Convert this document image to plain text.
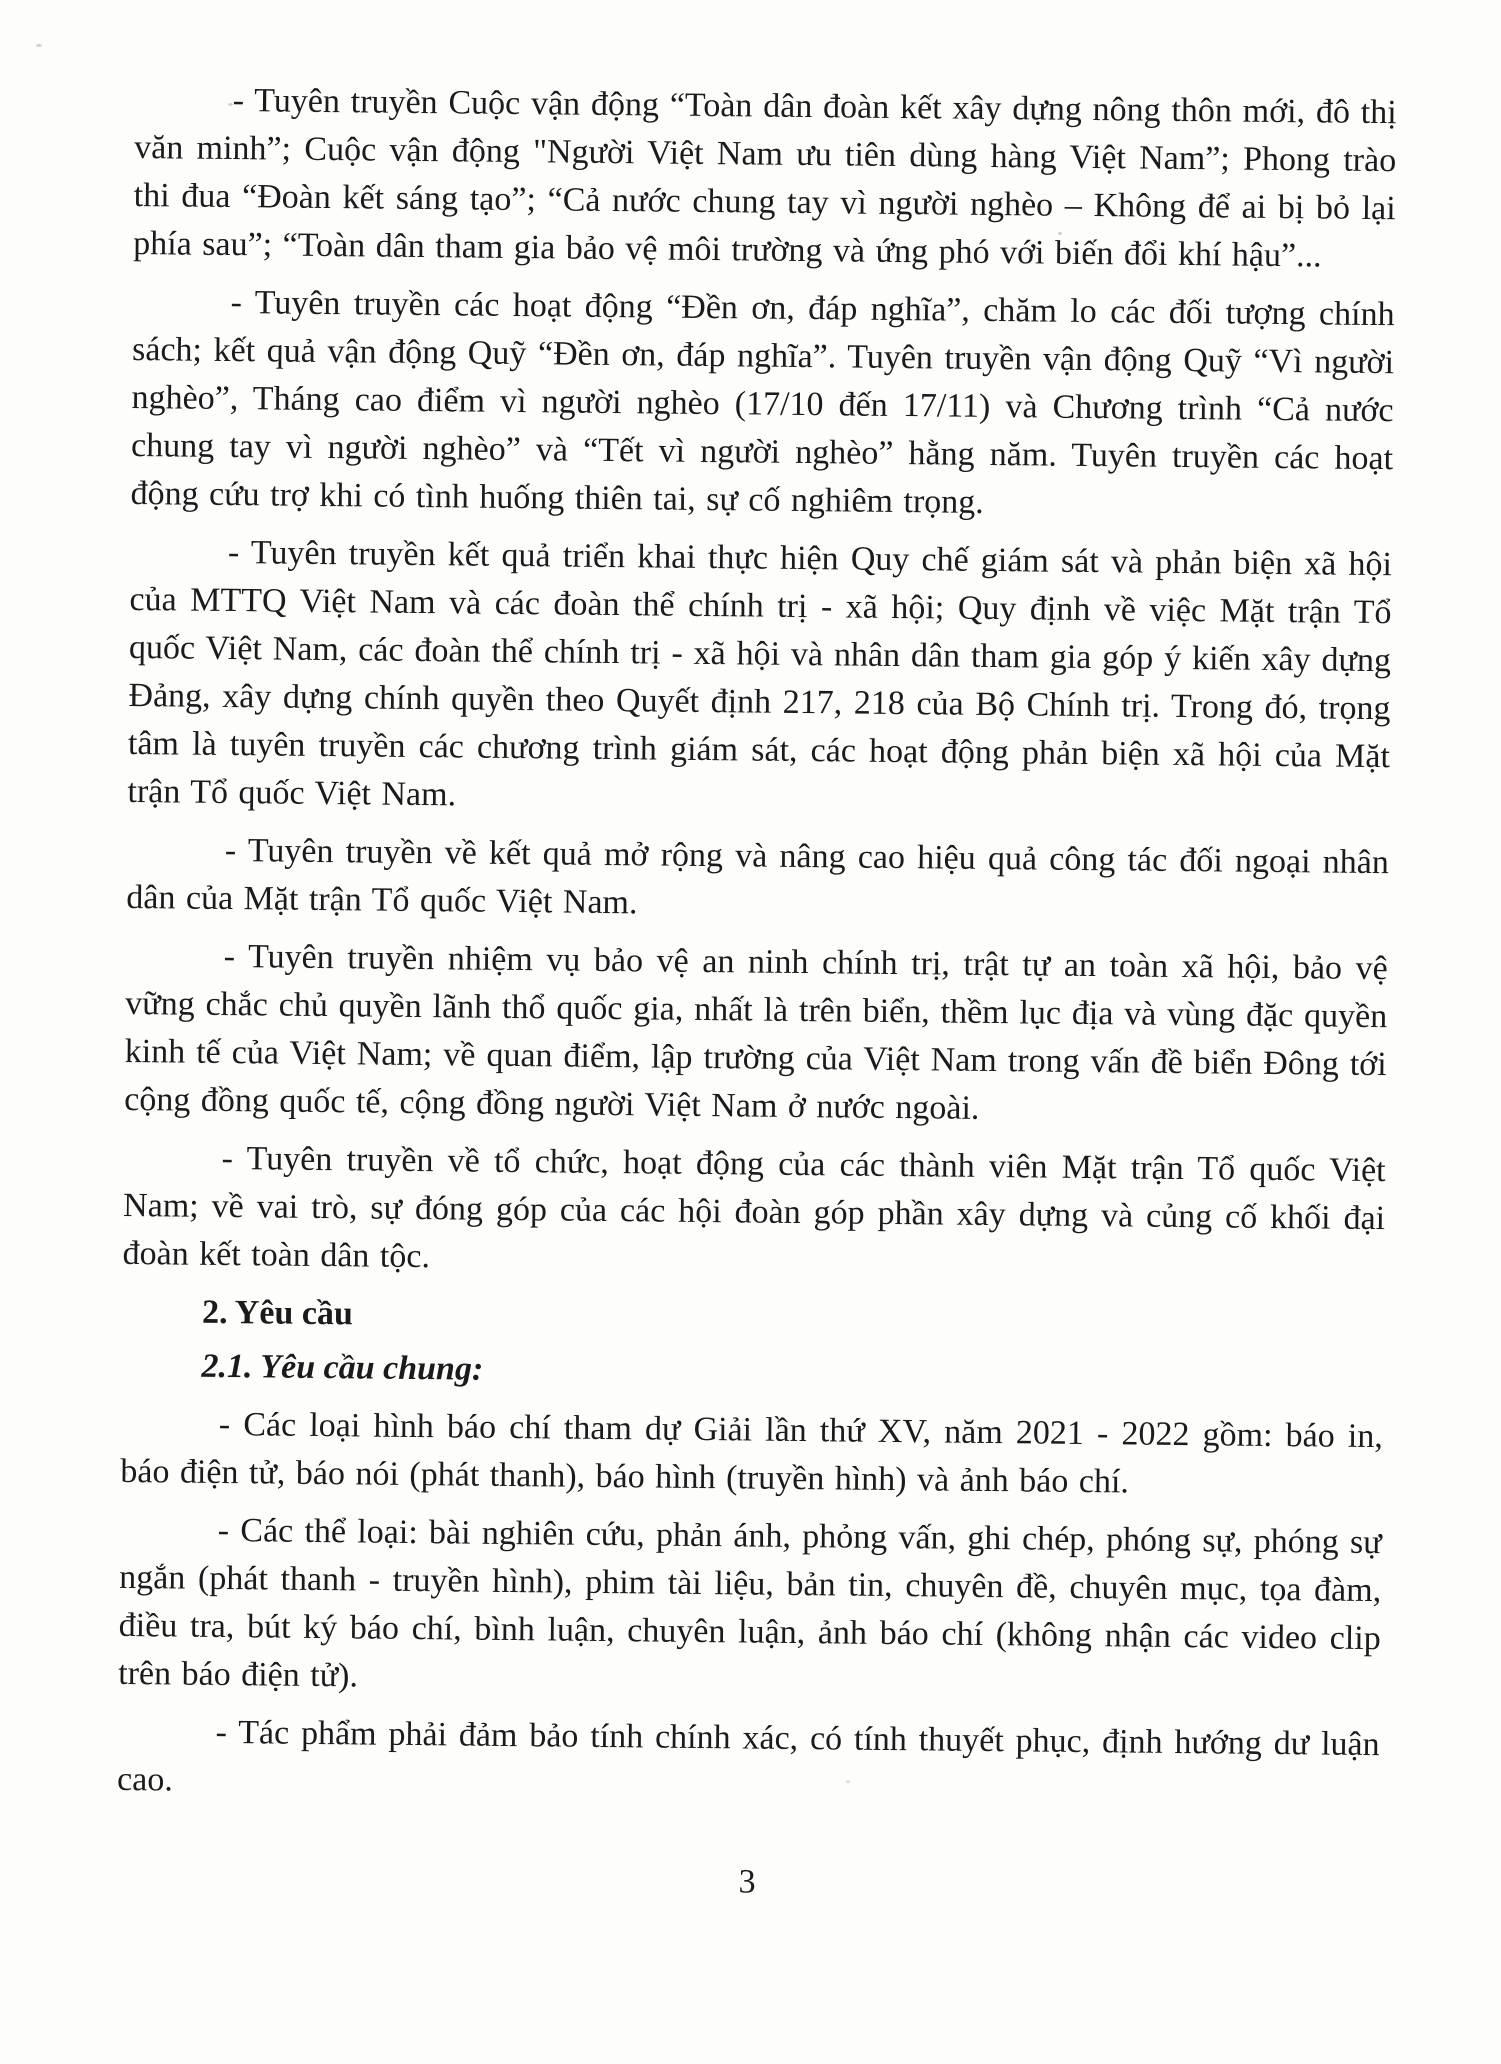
- Tuyên truyền Cuộc vận động “Toàn dân đoàn kết xây dựng nông thôn mới, đô thị văn minh”; Cuộc vận động "Người Việt Nam ưu tiên dùng hàng Việt Nam”; Phong trào thi đua “Đoàn kết sáng tạo”; “Cả nước chung tay vì người nghèo – Không để ai bị bỏ lại phía sau”; “Toàn dân tham gia bảo vệ môi trường và ứng phó với biến đổi khí hậu”...
- Tuyên truyền các hoạt động “Đền ơn, đáp nghĩa”, chăm lo các đối tượng chính sách; kết quả vận động Quỹ “Đền ơn, đáp nghĩa”. Tuyên truyền vận động Quỹ “Vì người nghèo”, Tháng cao điểm vì người nghèo (17/10 đến 17/11) và Chương trình “Cả nước chung tay vì người nghèo” và “Tết vì người nghèo” hằng năm. Tuyên truyền các hoạt động cứu trợ khi có tình huống thiên tai, sự cố nghiêm trọng.
- Tuyên truyền kết quả triển khai thực hiện Quy chế giám sát và phản biện xã hội của MTTQ Việt Nam và các đoàn thể chính trị - xã hội; Quy định về việc Mặt trận Tổ quốc Việt Nam, các đoàn thể chính trị - xã hội và nhân dân tham gia góp ý kiến xây dựng Đảng, xây dựng chính quyền theo Quyết định 217, 218 của Bộ Chính trị. Trong đó, trọng tâm là tuyên truyền các chương trình giám sát, các hoạt động phản biện xã hội của Mặt trận Tổ quốc Việt Nam.
- Tuyên truyền về kết quả mở rộng và nâng cao hiệu quả công tác đối ngoại nhân dân của Mặt trận Tổ quốc Việt Nam.
- Tuyên truyền nhiệm vụ bảo vệ an ninh chính trị, trật tự an toàn xã hội, bảo vệ vững chắc chủ quyền lãnh thổ quốc gia, nhất là trên biển, thềm lục địa và vùng đặc quyền kinh tế của Việt Nam; về quan điểm, lập trường của Việt Nam trong vấn đề biển Đông tới cộng đồng quốc tế, cộng đồng người Việt Nam ở nước ngoài.
- Tuyên truyền về tổ chức, hoạt động của các thành viên Mặt trận Tổ quốc Việt Nam; về vai trò, sự đóng góp của các hội đoàn góp phần xây dựng và củng cố khối đại đoàn kết toàn dân tộc.
2. Yêu cầu
2.1. Yêu cầu chung:
- Các loại hình báo chí tham dự Giải lần thứ XV, năm 2021 - 2022 gồm: báo in, báo điện tử, báo nói (phát thanh), báo hình (truyền hình) và ảnh báo chí.
- Các thể loại: bài nghiên cứu, phản ánh, phỏng vấn, ghi chép, phóng sự, phóng sự ngắn (phát thanh - truyền hình), phim tài liệu, bản tin, chuyên đề, chuyên mục, tọa đàm, điều tra, bút ký báo chí, bình luận, chuyên luận, ảnh báo chí (không nhận các video clip trên báo điện tử).
- Tác phẩm phải đảm bảo tính chính xác, có tính thuyết phục, định hướng dư luận cao.
3
